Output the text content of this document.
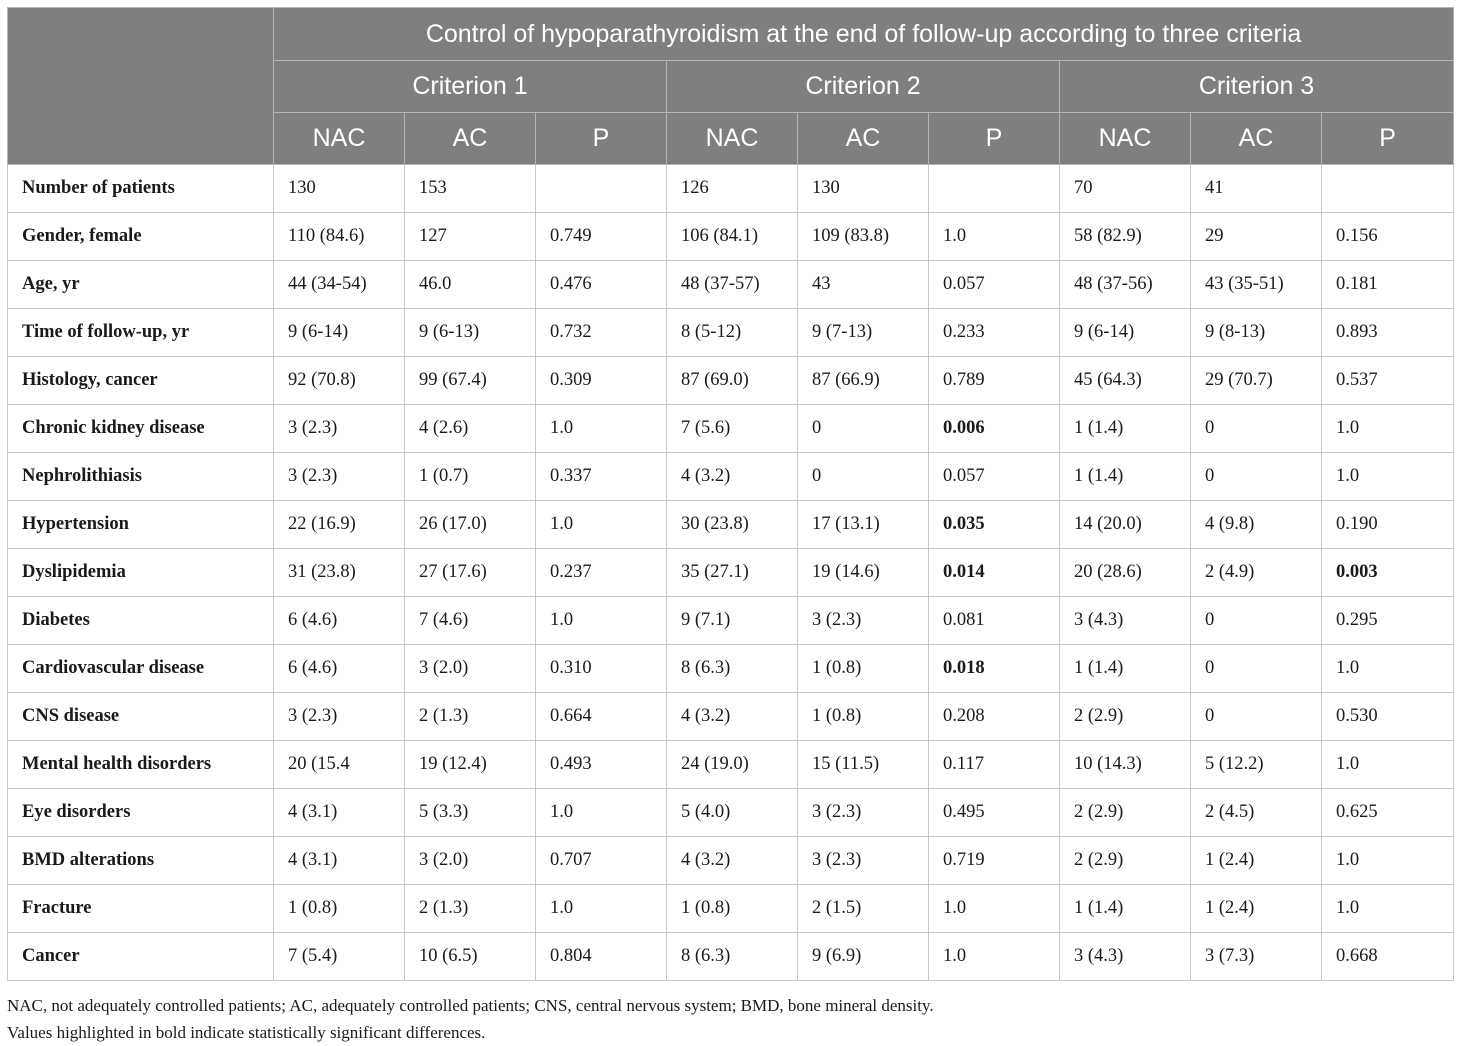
	Control of hypoparathyroidism at the end of follow-up according to three criteria								
	Criterion 1			Criterion 2			Criterion 3		
	NAC	AC	P	NAC	AC	P	NAC	AC	P
Number of patients	130	153		126	130		70	41	
Gender, female	110 (84.6)	127	0.749	106 (84.1)	109 (83.8)	1.0	58 (82.9)	29	0.156
Age, yr	44 (34-54)	46.0	0.476	48 (37-57)	43	0.057	48 (37-56)	43 (35-51)	0.181
Time of follow-up, yr	9 (6-14)	9 (6-13)	0.732	8 (5-12)	9 (7-13)	0.233	9 (6-14)	9 (8-13)	0.893
Histology, cancer	92 (70.8)	99 (67.4)	0.309	87 (69.0)	87 (66.9)	0.789	45 (64.3)	29 (70.7)	0.537
Chronic kidney disease	3 (2.3)	4 (2.6)	1.0	7 (5.6)	0	0.006	1 (1.4)	0	1.0
Nephrolithiasis	3 (2.3)	1 (0.7)	0.337	4 (3.2)	0	0.057	1 (1.4)	0	1.0
Hypertension	22 (16.9)	26 (17.0)	1.0	30 (23.8)	17 (13.1)	0.035	14 (20.0)	4 (9.8)	0.190
Dyslipidemia	31 (23.8)	27 (17.6)	0.237	35 (27.1)	19 (14.6)	0.014	20 (28.6)	2 (4.9)	0.003
Diabetes	6 (4.6)	7 (4.6)	1.0	9 (7.1)	3 (2.3)	0.081	3 (4.3)	0	0.295
Cardiovascular disease	6 (4.6)	3 (2.0)	0.310	8 (6.3)	1 (0.8)	0.018	1 (1.4)	0	1.0
CNS disease	3 (2.3)	2 (1.3)	0.664	4 (3.2)	1 (0.8)	0.208	2 (2.9)	0	0.530
Mental health disorders	20 (15.4	19 (12.4)	0.493	24 (19.0)	15 (11.5)	0.117	10 (14.3)	5 (12.2)	1.0
Eye disorders	4 (3.1)	5 (3.3)	1.0	5 (4.0)	3 (2.3)	0.495	2 (2.9)	2 (4.5)	0.625
BMD alterations	4 (3.1)	3 (2.0)	0.707	4 (3.2)	3 (2.3)	0.719	2 (2.9)	1 (2.4)	1.0
Fracture	1 (0.8)	2 (1.3)	1.0	1 (0.8)	2 (1.5)	1.0	1 (1.4)	1 (2.4)	1.0
Cancer	7 (5.4)	10 (6.5)	0.804	8 (6.3)	9 (6.9)	1.0	3 (4.3)	3 (7.3)	0.668
NAC, not adequately controlled patients; AC, adequately controlled patients; CNS, central nervous system; BMD, bone mineral density.
Values highlighted in bold indicate statistically significant differences.
